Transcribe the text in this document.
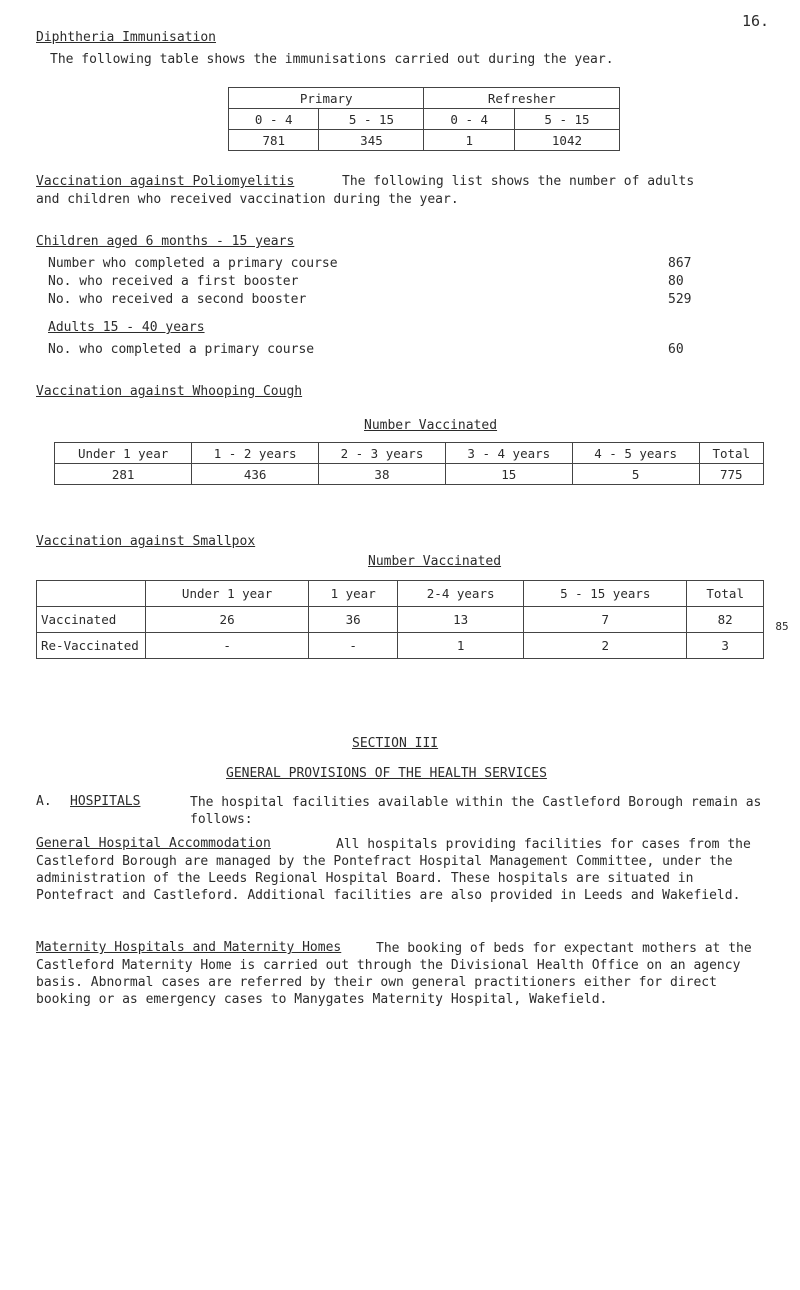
16.
Diphtheria Immunisation
The following table shows the immunisations carried out during the year.
Primary		Refresher	
0 - 4	5 - 15	0 - 4	5 - 15
781	345	1	1042
Vaccination against Poliomyelitis	The following list shows the number of adults
and children who received vaccination during the year.
Children aged 6 months - 15 years
Number who completed a primary course	867
No. who received a first booster	80
No. who received a second booster	529
Adults 15 - 40 years
No. who completed a primary course	60
Vaccination against Whooping Cough
Number Vaccinated
Under 1 year	1 - 2 years	2 - 3 years	3 - 4 years	4 - 5 years	Total
281	436	38	15	5	775
Vaccination against Smallpox
Number Vaccinated
	Under 1 year	1 year	2-4 years	5 - 15 years	Total
Vaccinated	26	36	13	7	82 85

Re-Vaccinated	-	-	1	2	3
SECTION III
GENERAL PROVISIONS OF THE HEALTH SERVICES
A. HOSPITALS	The hospital facilities available within the Castleford Borough remain as follows:
General Hospital Accommodation	All hospitals providing facilities for cases from the Castleford Borough are managed by the Pontefract Hospital Management Committee, under the administration of the Leeds Regional Hospital Board. These hospitals are situated in Pontefract and Castleford. Additional facilities are also provided in Leeds and Wakefield.
Maternity Hospitals and Maternity Homes	The booking of beds for expectant mothers at the Castleford Maternity Home is carried out through the Divisional Health Office on an agency basis. Abnormal cases are referred by their own general practitioners either for direct booking or as emergency cases to Manygates Maternity Hospital, Wakefield.
